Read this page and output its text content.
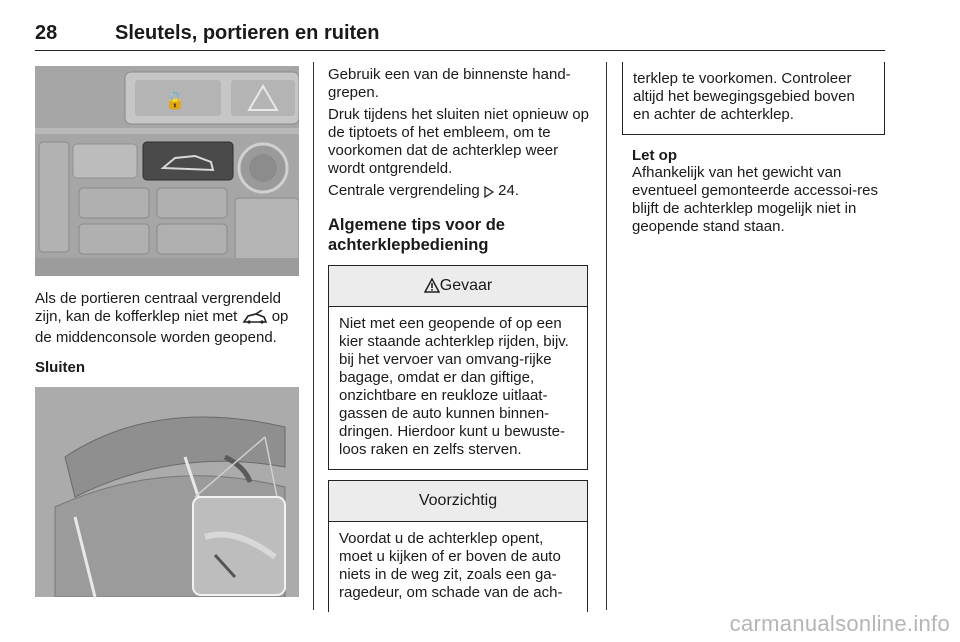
28	Sleutels, portieren en ruiten
🔓

Als de portieren centraal vergrendeld zijn, kan de kofferklep niet met op de middenconsole worden geopend.

Sluiten

Gebruik een van de binnenste hand-grepen.

Druk tijdens het sluiten niet opnieuw op de tiptoets of het embleem, om te voorkomen dat de achterklep weer wordt ontgrendeld.

Centrale vergrendeling 24.

Algemene tips voor de achterklepbediening
Gevaar

Niet met een geopende of op een kier staande achterklep rijden, bijv. bij het vervoer van omvang-rijke bagage, omdat er dan giftige, onzichtbare en reukloze uitlaat-gassen de auto kunnen binnen-dringen. Hierdoor kunt u bewuste-loos raken en zelfs sterven.

Voorzichtig

Voordat u de achterklep opent, moet u kijken of er boven de auto niets in de weg zit, zoals een ga-ragedeur, om schade van de ach-

terklep te voorkomen. Controleer altijd het bewegingsgebied boven en achter de achterklep.

Let op

Afhankelijk van het gewicht van eventueel gemonteerde accessoi-res blijft de achterklep mogelijk niet in geopende stand staan.

carmanualsonline.info
